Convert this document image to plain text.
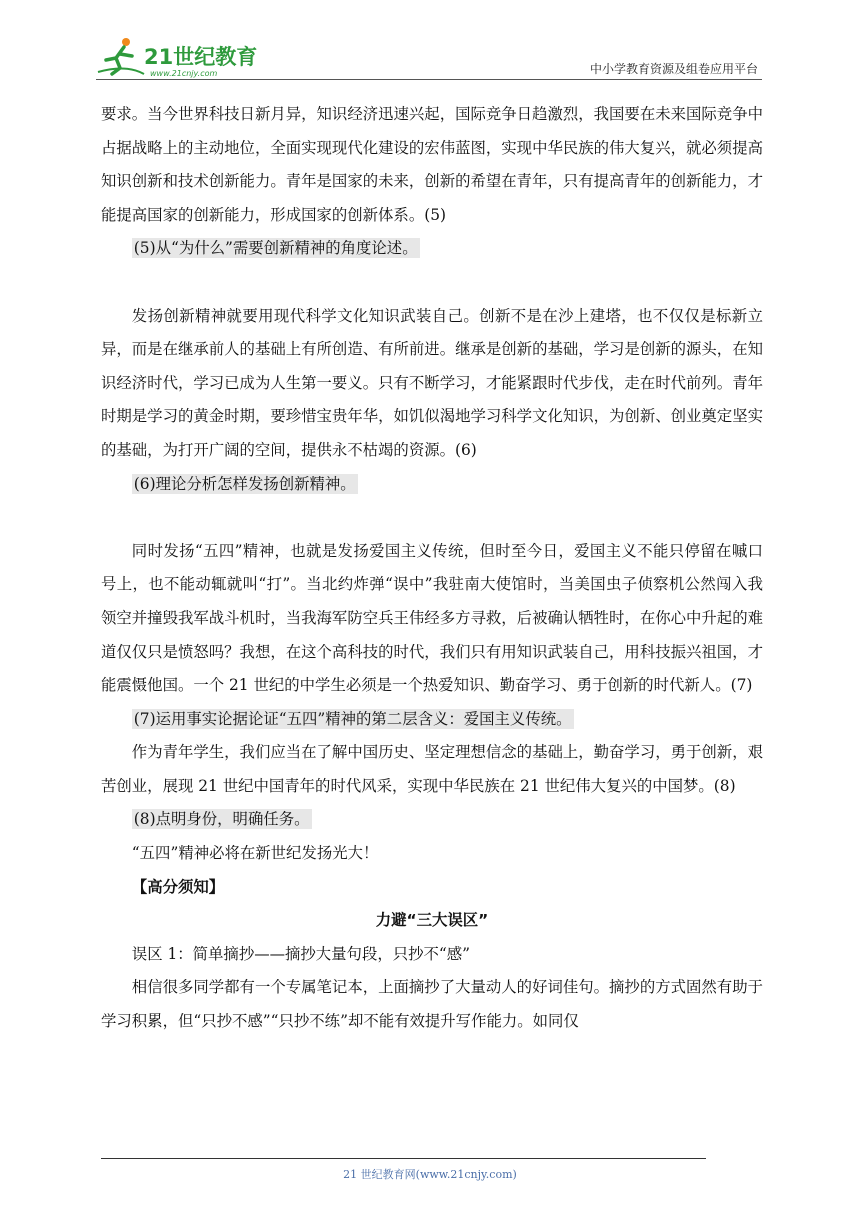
21世纪教育
www.21cnjy.com	中小学教育资源及组卷应用平台

要求。当今世界科技日新月异，知识经济迅速兴起，国际竞争日趋激烈，我国要在未来国际竞争中占据战略上的主动地位，全面实现现代化建设的宏伟蓝图，实现中华民族的伟大复兴，就必须提高知识创新和技术创新能力。青年是国家的未来，创新的希望在青年，只有提高青年的创新能力，才能提高国家的创新能力，形成国家的创新体系。(5)

(5)从“为什么”需要创新精神的角度论述。

发扬创新精神就要用现代科学文化知识武装自己。创新不是在沙上建塔，也不仅仅是标新立异，而是在继承前人的基础上有所创造、有所前进。继承是创新的基础，学习是创新的源头，在知识经济时代，学习已成为人生第一要义。只有不断学习，才能紧跟时代步伐，走在时代前列。青年时期是学习的黄金时期，要珍惜宝贵年华，如饥似渴地学习科学文化知识，为创新、创业奠定坚实的基础，为打开广阔的空间，提供永不枯竭的资源。(6)

(6)理论分析怎样发扬创新精神。

同时发扬“五四”精神，也就是发扬爱国主义传统，但时至今日，爱国主义不能只停留在嘁口号上，也不能动辄就叫“打”。当北约炸弹“误中”我驻南大使馆时，当美国虫子侦察机公然闯入我领空并撞毁我军战斗机时，当我海军防空兵王伟经多方寻救，后被确认牺牲时，在你心中升起的难道仅仅只是愤怒吗？我想，在这个高科技的时代，我们只有用知识武装自己，用科技振兴祖国，才能震慑他国。一个 21 世纪的中学生必须是一个热爱知识、勤奋学习、勇于创新的时代新人。(7)

(7)运用事实论据论证“五四”精神的第二层含义：爱国主义传统。

作为青年学生，我们应当在了解中国历史、坚定理想信念的基础上，勤奋学习，勇于创新，艰苦创业，展现 21 世纪中国青年的时代风采，实现中华民族在 21 世纪伟大复兴的中国梦。(8)

(8)点明身份，明确任务。

“五四”精神必将在新世纪发扬光大！

【高分须知】

力避“三大误区”

误区 1：简单摘抄——摘抄大量句段，只抄不“感”

相信很多同学都有一个专属笔记本，上面摘抄了大量动人的好词佳句。摘抄的方式固然有助于学习积累，但“只抄不感”“只抄不练”却不能有效提升写作能力。如同仅

21 世纪教育网(www.21cnjy.com)
